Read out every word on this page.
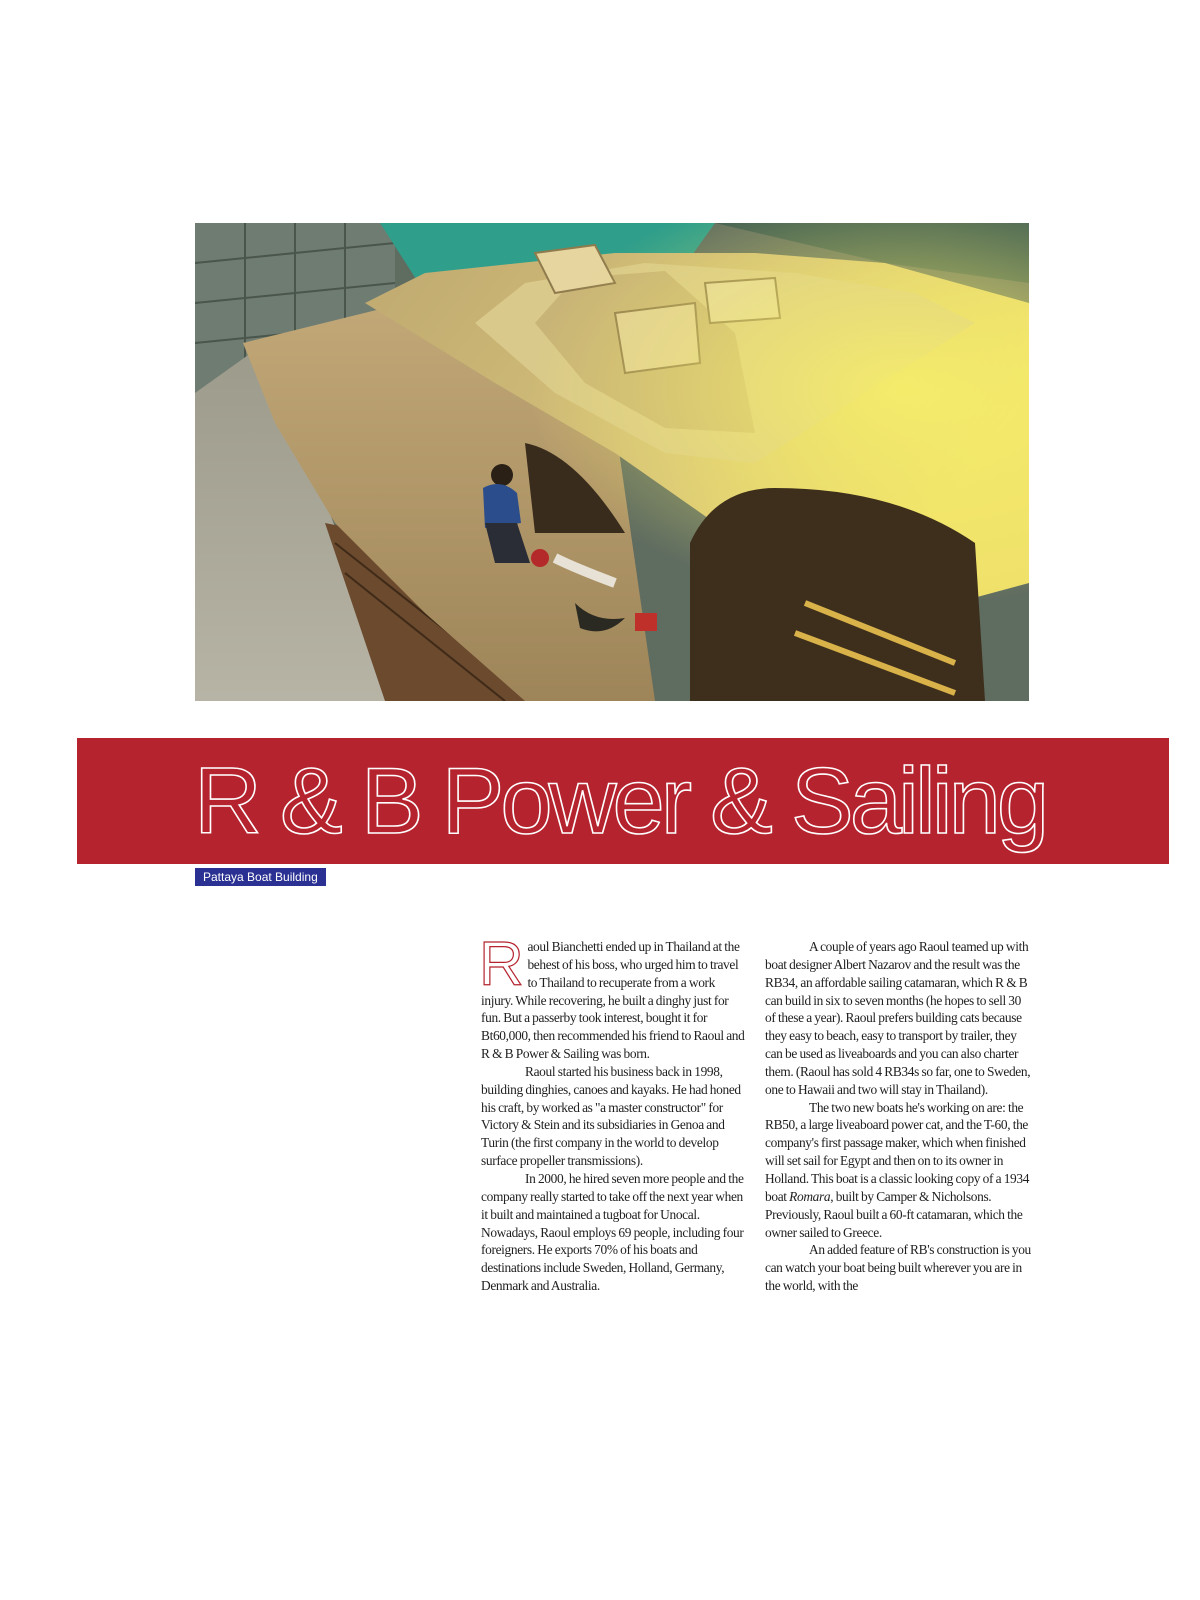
R & B Power & Sailing
Pattaya Boat Building

Raoul Bianchetti ended up in Thailand at the behest of his boss, who urged him to travel to Thailand to recuperate from a work injury. While recovering, he built a dinghy just for fun. But a passerby took interest, bought it for Bt60,000, then recommended his friend to Raoul and R & B Power & Sailing was born.

Raoul started his business back in 1998, building dinghies, canoes and kayaks. He had honed his craft, by worked as "a master constructor" for Victory & Stein and its subsidiaries in Genoa and Turin (the first company in the world to develop surface propeller transmissions).

In 2000, he hired seven more people and the company really started to take off the next year when it built and maintained a tugboat for Unocal. Nowadays, Raoul employs 69 people, including four foreigners. He exports 70% of his boats and destinations include Sweden, Holland, Germany, Denmark and Australia.

A couple of years ago Raoul teamed up with boat designer Albert Nazarov and the result was the RB34, an affordable sailing catamaran, which R & B can build in six to seven months (he hopes to sell 30 of these a year). Raoul prefers building cats because they easy to beach, easy to transport by trailer, they can be used as liveaboards and you can also charter them. (Raoul has sold 4 RB34s so far, one to Sweden, one to Hawaii and two will stay in Thailand).

The two new boats he's working on are: the RB50, a large liveaboard power cat, and the T-60, the company's first passage maker, which when finished will set sail for Egypt and then on to its owner in Holland. This boat is a classic looking copy of a 1934 boat Romara, built by Camper & Nicholsons. Previously, Raoul built a 60-ft catamaran, which the owner sailed to Greece.

An added feature of RB's construction is you can watch your boat being built wherever you are in the world, with the
